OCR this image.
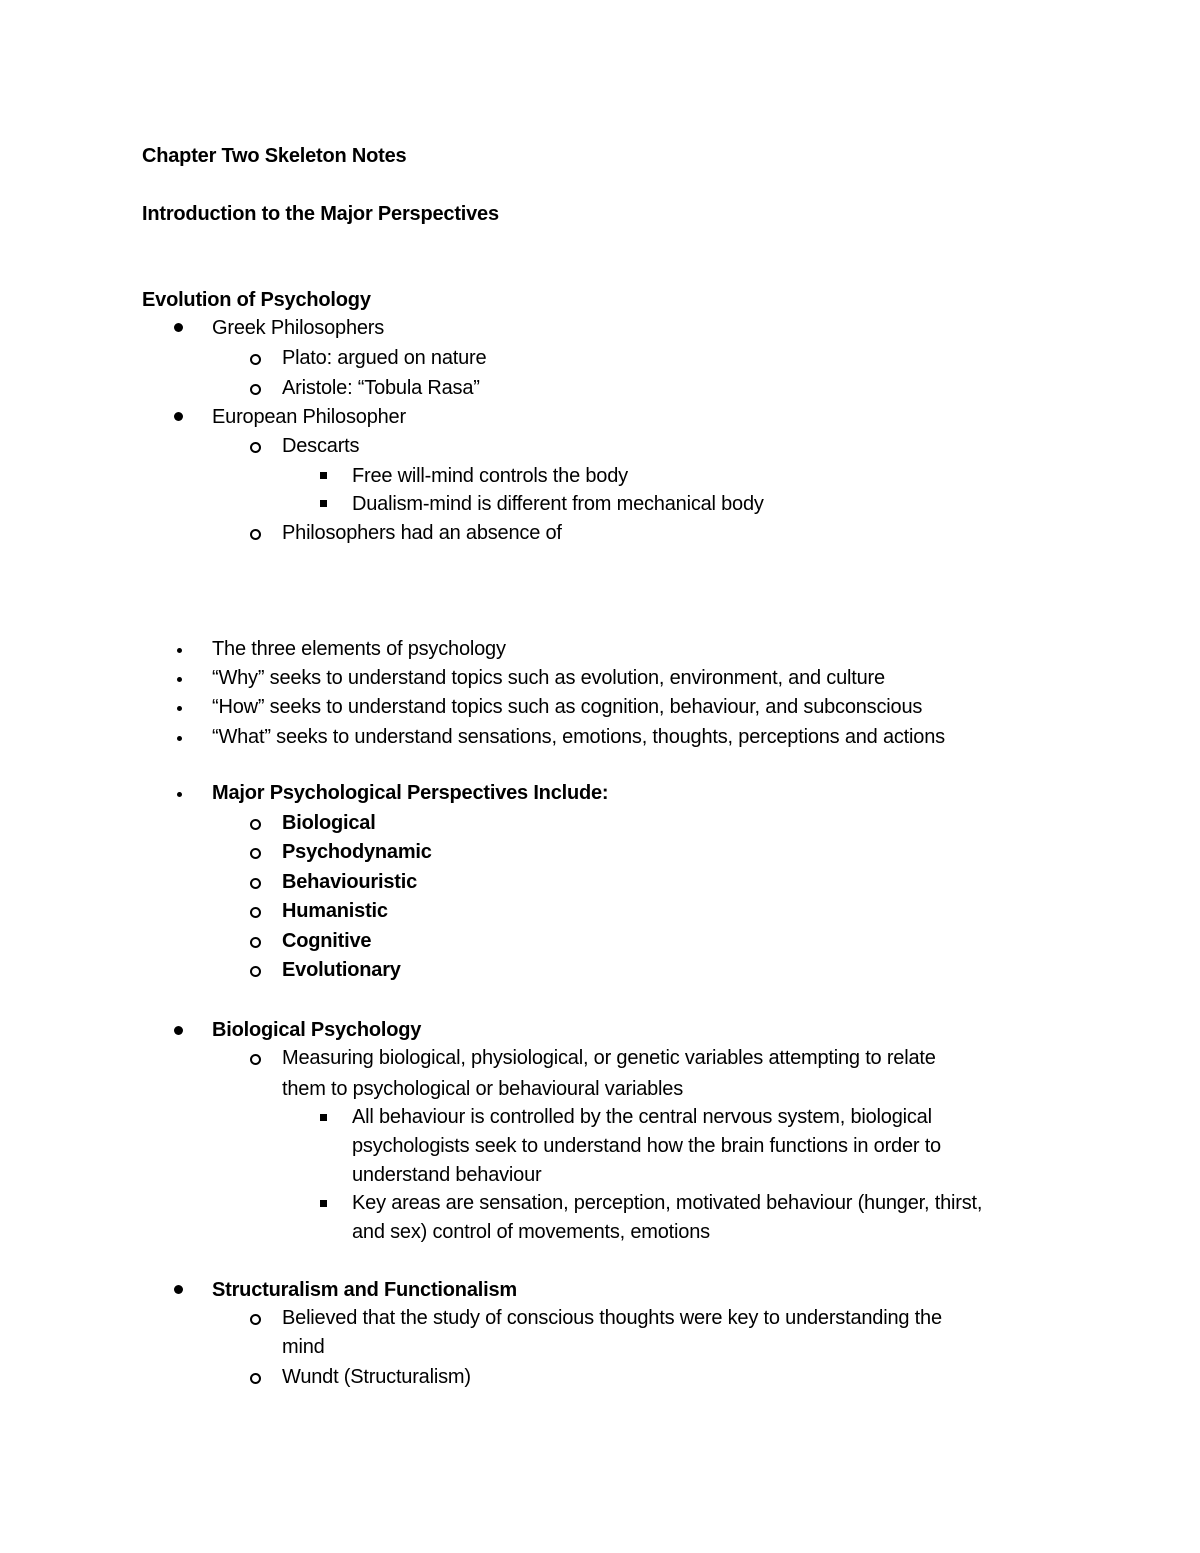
Chapter Two Skeleton Notes
Introduction to the Major Perspectives
Evolution of Psychology
Greek Philosophers
Plato: argued on nature
Aristole: “Tobula Rasa”
European Philosopher
Descarts
Free will-mind controls the body
Dualism-mind is different from mechanical body
Philosophers had an absence of
The three elements of psychology
“Why” seeks to understand topics such as evolution, environment, and culture
“How” seeks to understand topics such as cognition, behaviour, and subconscious
“What” seeks to understand sensations, emotions, thoughts, perceptions and actions
Major Psychological Perspectives Include:
Biological
Psychodynamic
Behaviouristic
Humanistic
Cognitive
Evolutionary
Biological Psychology
Measuring biological, physiological, or genetic variables attempting to relate
them to psychological or behavioural variables
All behaviour is controlled by the central nervous system, biological
psychologists seek to understand how the brain functions in order to
understand behaviour
Key areas are sensation, perception, motivated behaviour (hunger, thirst,
and sex) control of movements, emotions
Structuralism and Functionalism
Believed that the study of conscious thoughts were key to understanding the
mind
Wundt (Structuralism)
